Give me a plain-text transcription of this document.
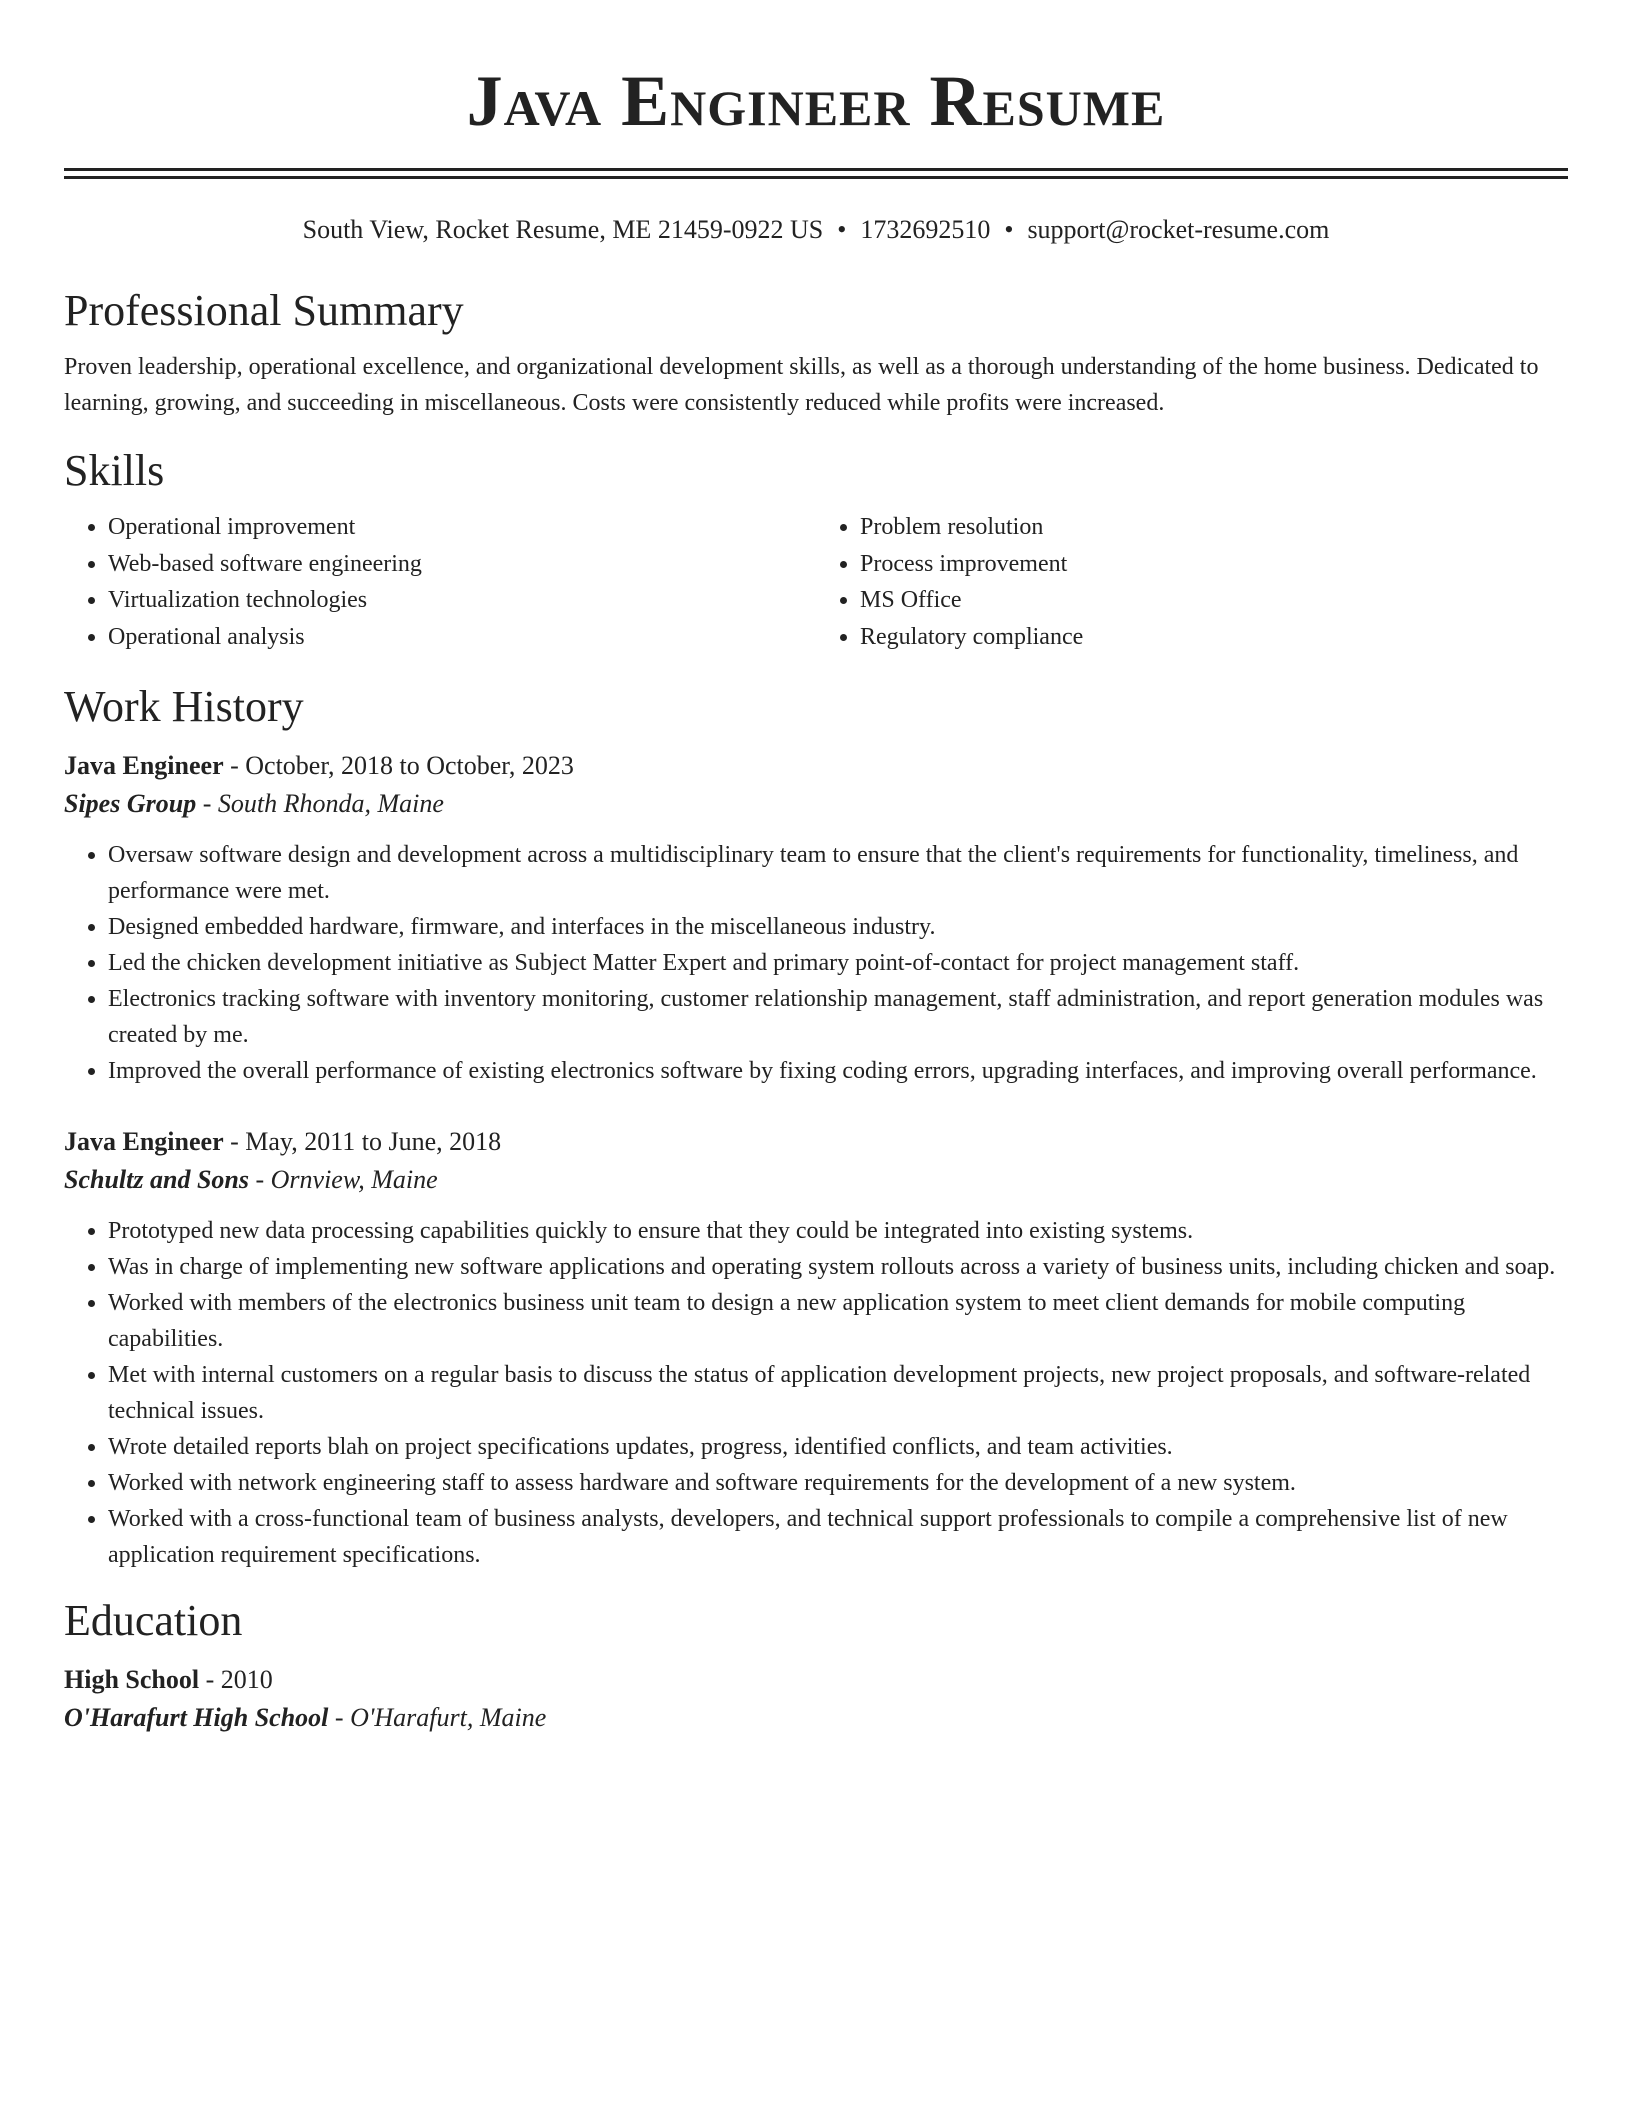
Java Engineer Resume
South View, Rocket Resume, ME 21459-0922 US • 1732692510 • support@rocket-resume.com
Professional Summary

Proven leadership, operational excellence, and organizational development skills, as well as a thorough understanding of the home business. Dedicated to learning, growing, and succeeding in miscellaneous. Costs were consistently reduced while profits were increased.

Skills
• Operational improvement
• Web-based software engineering
• Virtualization technologies
• Operational analysis
• Problem resolution
• Process improvement
• MS Office
• Regulatory compliance
Work History
Java Engineer - October, 2018 to October, 2023
Sipes Group - South Rhonda, Maine
• Oversaw software design and development across a multidisciplinary team to ensure that the client's requirements for functionality, timeliness, and performance were met.
• Designed embedded hardware, firmware, and interfaces in the miscellaneous industry.
• Led the chicken development initiative as Subject Matter Expert and primary point-of-contact for project management staff.
• Electronics tracking software with inventory monitoring, customer relationship management, staff administration, and report generation modules was created by me.
• Improved the overall performance of existing electronics software by fixing coding errors, upgrading interfaces, and improving overall performance.
Java Engineer - May, 2011 to June, 2018
Schultz and Sons - Ornview, Maine
• Prototyped new data processing capabilities quickly to ensure that they could be integrated into existing systems.
• Was in charge of implementing new software applications and operating system rollouts across a variety of business units, including chicken and soap.
• Worked with members of the electronics business unit team to design a new application system to meet client demands for mobile computing capabilities.
• Met with internal customers on a regular basis to discuss the status of application development projects, new project proposals, and software-related technical issues.
• Wrote detailed reports blah on project specifications updates, progress, identified conflicts, and team activities.
• Worked with network engineering staff to assess hardware and software requirements for the development of a new system.
• Worked with a cross-functional team of business analysts, developers, and technical support professionals to compile a comprehensive list of new application requirement specifications.
Education
High School - 2010
O'Harafurt High School - O'Harafurt, Maine
